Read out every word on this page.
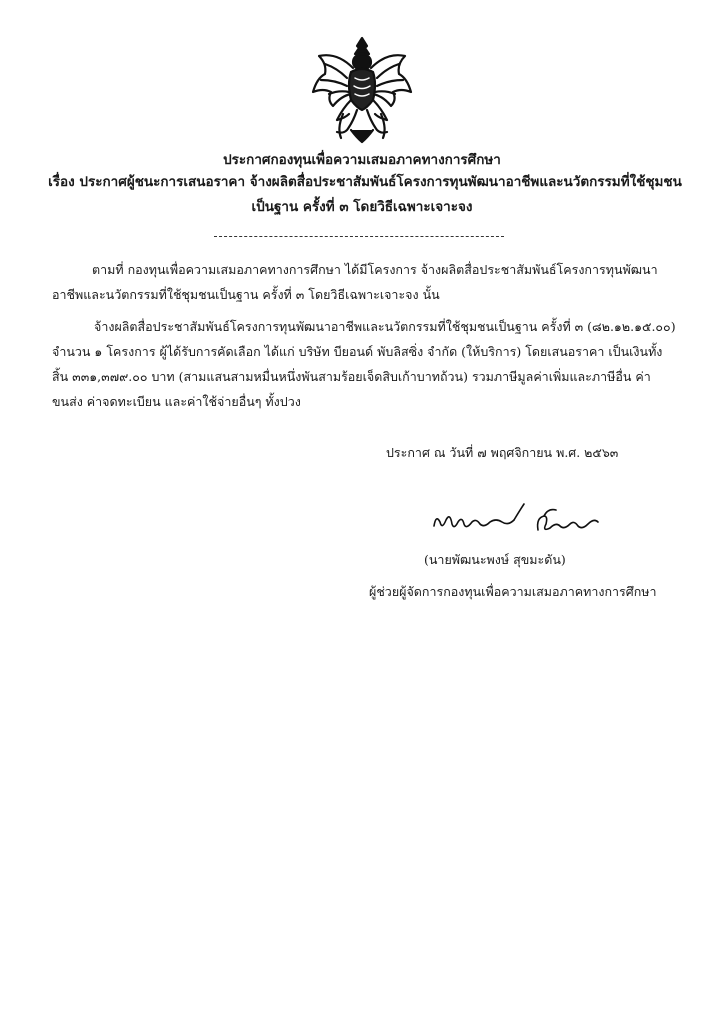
ประกาศกองทุนเพื่อความเสมอภาคทางการศึกษา
เรื่อง ประกาศผู้ชนะการเสนอราคา จ้างผลิตสื่อประชาสัมพันธ์โครงการทุนพัฒนาอาชีพและนวัตกรรมที่ใช้ชุมชน
เป็นฐาน ครั้งที่ ๓ โดยวิธีเฉพาะเจาะจง
ตามที่ กองทุนเพื่อความเสมอภาคทางการศึกษา ได้มีโครงการ จ้างผลิตสื่อประชาสัมพันธ์โครงการทุนพัฒนา
อาชีพและนวัตกรรมที่ใช้ชุมชนเป็นฐาน ครั้งที่ ๓ โดยวิธีเฉพาะเจาะจง นั้น
จ้างผลิตสื่อประชาสัมพันธ์โครงการทุนพัฒนาอาชีพและนวัตกรรมที่ใช้ชุมชนเป็นฐาน ครั้งที่ ๓ (๘๒.๑๒.๑๕.๐๐)
จำนวน ๑ โครงการ ผู้ได้รับการคัดเลือก ได้แก่ บริษัท บียอนด์ พับลิสซิ่ง จำกัด (ให้บริการ) โดยเสนอราคา เป็นเงินทั้ง
สิ้น ๓๓๑,๓๗๙.๐๐ บาท (สามแสนสามหมื่นหนึ่งพันสามร้อยเจ็ดสิบเก้าบาทถ้วน) รวมภาษีมูลค่าเพิ่มและภาษีอื่น ค่า
ขนส่ง ค่าจดทะเบียน และค่าใช้จ่ายอื่นๆ ทั้งปวง
ประกาศ ณ วันที่ ๗ พฤศจิกายน พ.ศ. ๒๕๖๓
(นายพัฒนะพงษ์ สุขมะดัน)
ผู้ช่วยผู้จัดการกองทุนเพื่อความเสมอภาคทางการศึกษา
